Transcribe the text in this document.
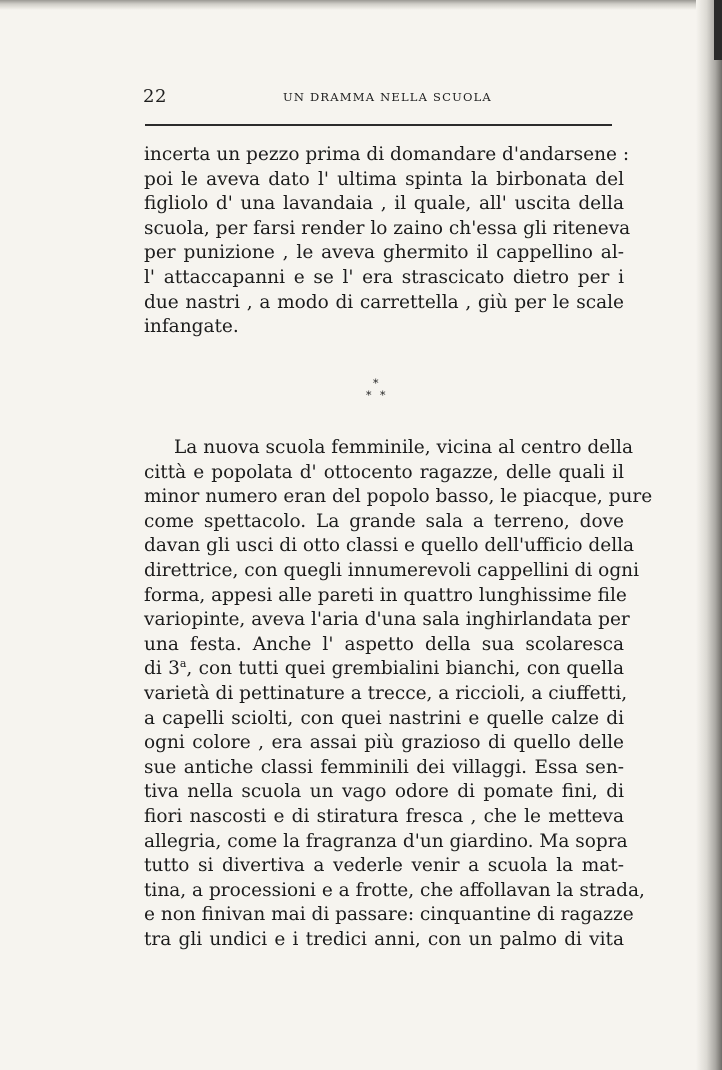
22	UN DRAMMA NELLA SCUOLA
incerta un pezzo prima di domandare d'andarsene :
poi le aveva dato l' ultima spinta la birbonata del
figliolo d' una lavandaia , il quale, all' uscita della
scuola, per farsi render lo zaino ch'essa gli riteneva
per punizione , le aveva ghermito il cappellino al-
l' attaccapanni e se l' era strascicato dietro per i
due nastri , a modo di carrettella , giù per le scale
infangate.
*
* *
La nuova scuola femminile, vicina al centro della
città e popolata d' ottocento ragazze, delle quali il
minor numero eran del popolo basso, le piacque, pure
come spettacolo. La grande sala a terreno, dove
davan gli usci di otto classi e quello dell'ufficio della
direttrice, con quegli innumerevoli cappellini di ogni
forma, appesi alle pareti in quattro lunghissime file
variopinte, aveva l'aria d'una sala inghirlandata per
una festa. Anche l' aspetto della sua scolaresca
di 3$^a$, con tutti quei grembialini bianchi, con quella
varietà di pettinature a trecce, a riccioli, a ciuffetti,
a capelli sciolti, con quei nastrini e quelle calze di
ogni colore , era assai più grazioso di quello delle
sue antiche classi femminili dei villaggi. Essa sen-
tiva nella scuola un vago odore di pomate fini, di
fiori nascosti e di stiratura fresca , che le metteva
allegria, come la fragranza d'un giardino. Ma sopra
tutto si divertiva a vederle venir a scuola la mat-
tina, a processioni e a frotte, che affollavan la strada,
e non finivan mai di passare: cinquantine di ragazze
tra gli undici e i tredici anni, con un palmo di vita
